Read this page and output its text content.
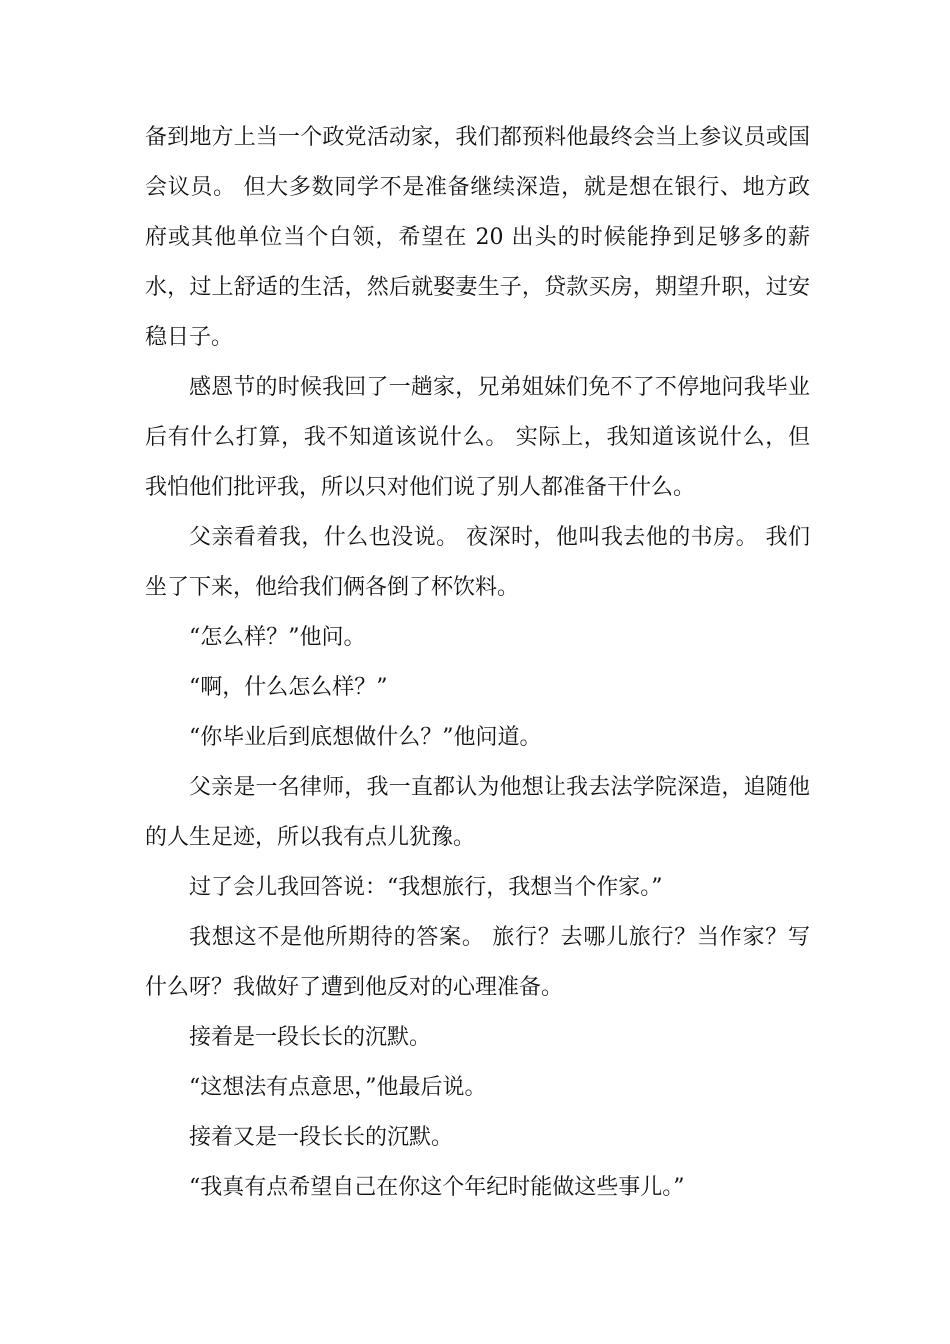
备到地方上当一个政党活动家，我们都预料他最终会当上参议员或国会议员。 但大多数同学不是准备继续深造，就是想在银行、地方政府或其他单位当个白领，希望在 20 出头的时候能挣到足够多的薪水，过上舒适的生活，然后就娶妻生子，贷款买房，期望升职，过安稳日子。

感恩节的时候我回了一趟家，兄弟姐妹们免不了不停地问我毕业后有什么打算，我不知道该说什么。 实际上，我知道该说什么，但我怕他们批评我，所以只对他们说了别人都准备干什么。

父亲看着我，什么也没说。 夜深时，他叫我去他的书房。 我们坐了下来，他给我们俩各倒了杯饮料。

“怎么样？”他问。

“啊，什么怎么样？”

“你毕业后到底想做什么？”他问道。

父亲是一名律师，我一直都认为他想让我去法学院深造，追随他的人生足迹，所以我有点儿犹豫。

过了会儿我回答说：“我想旅行，我想当个作家。”

我想这不是他所期待的答案。 旅行？去哪儿旅行？当作家？写什么呀？我做好了遭到他反对的心理准备。

接着是一段长长的沉默。

“这想法有点意思，”他最后说。

接着又是一段长长的沉默。

“我真有点希望自己在你这个年纪时能做这些事儿。”
